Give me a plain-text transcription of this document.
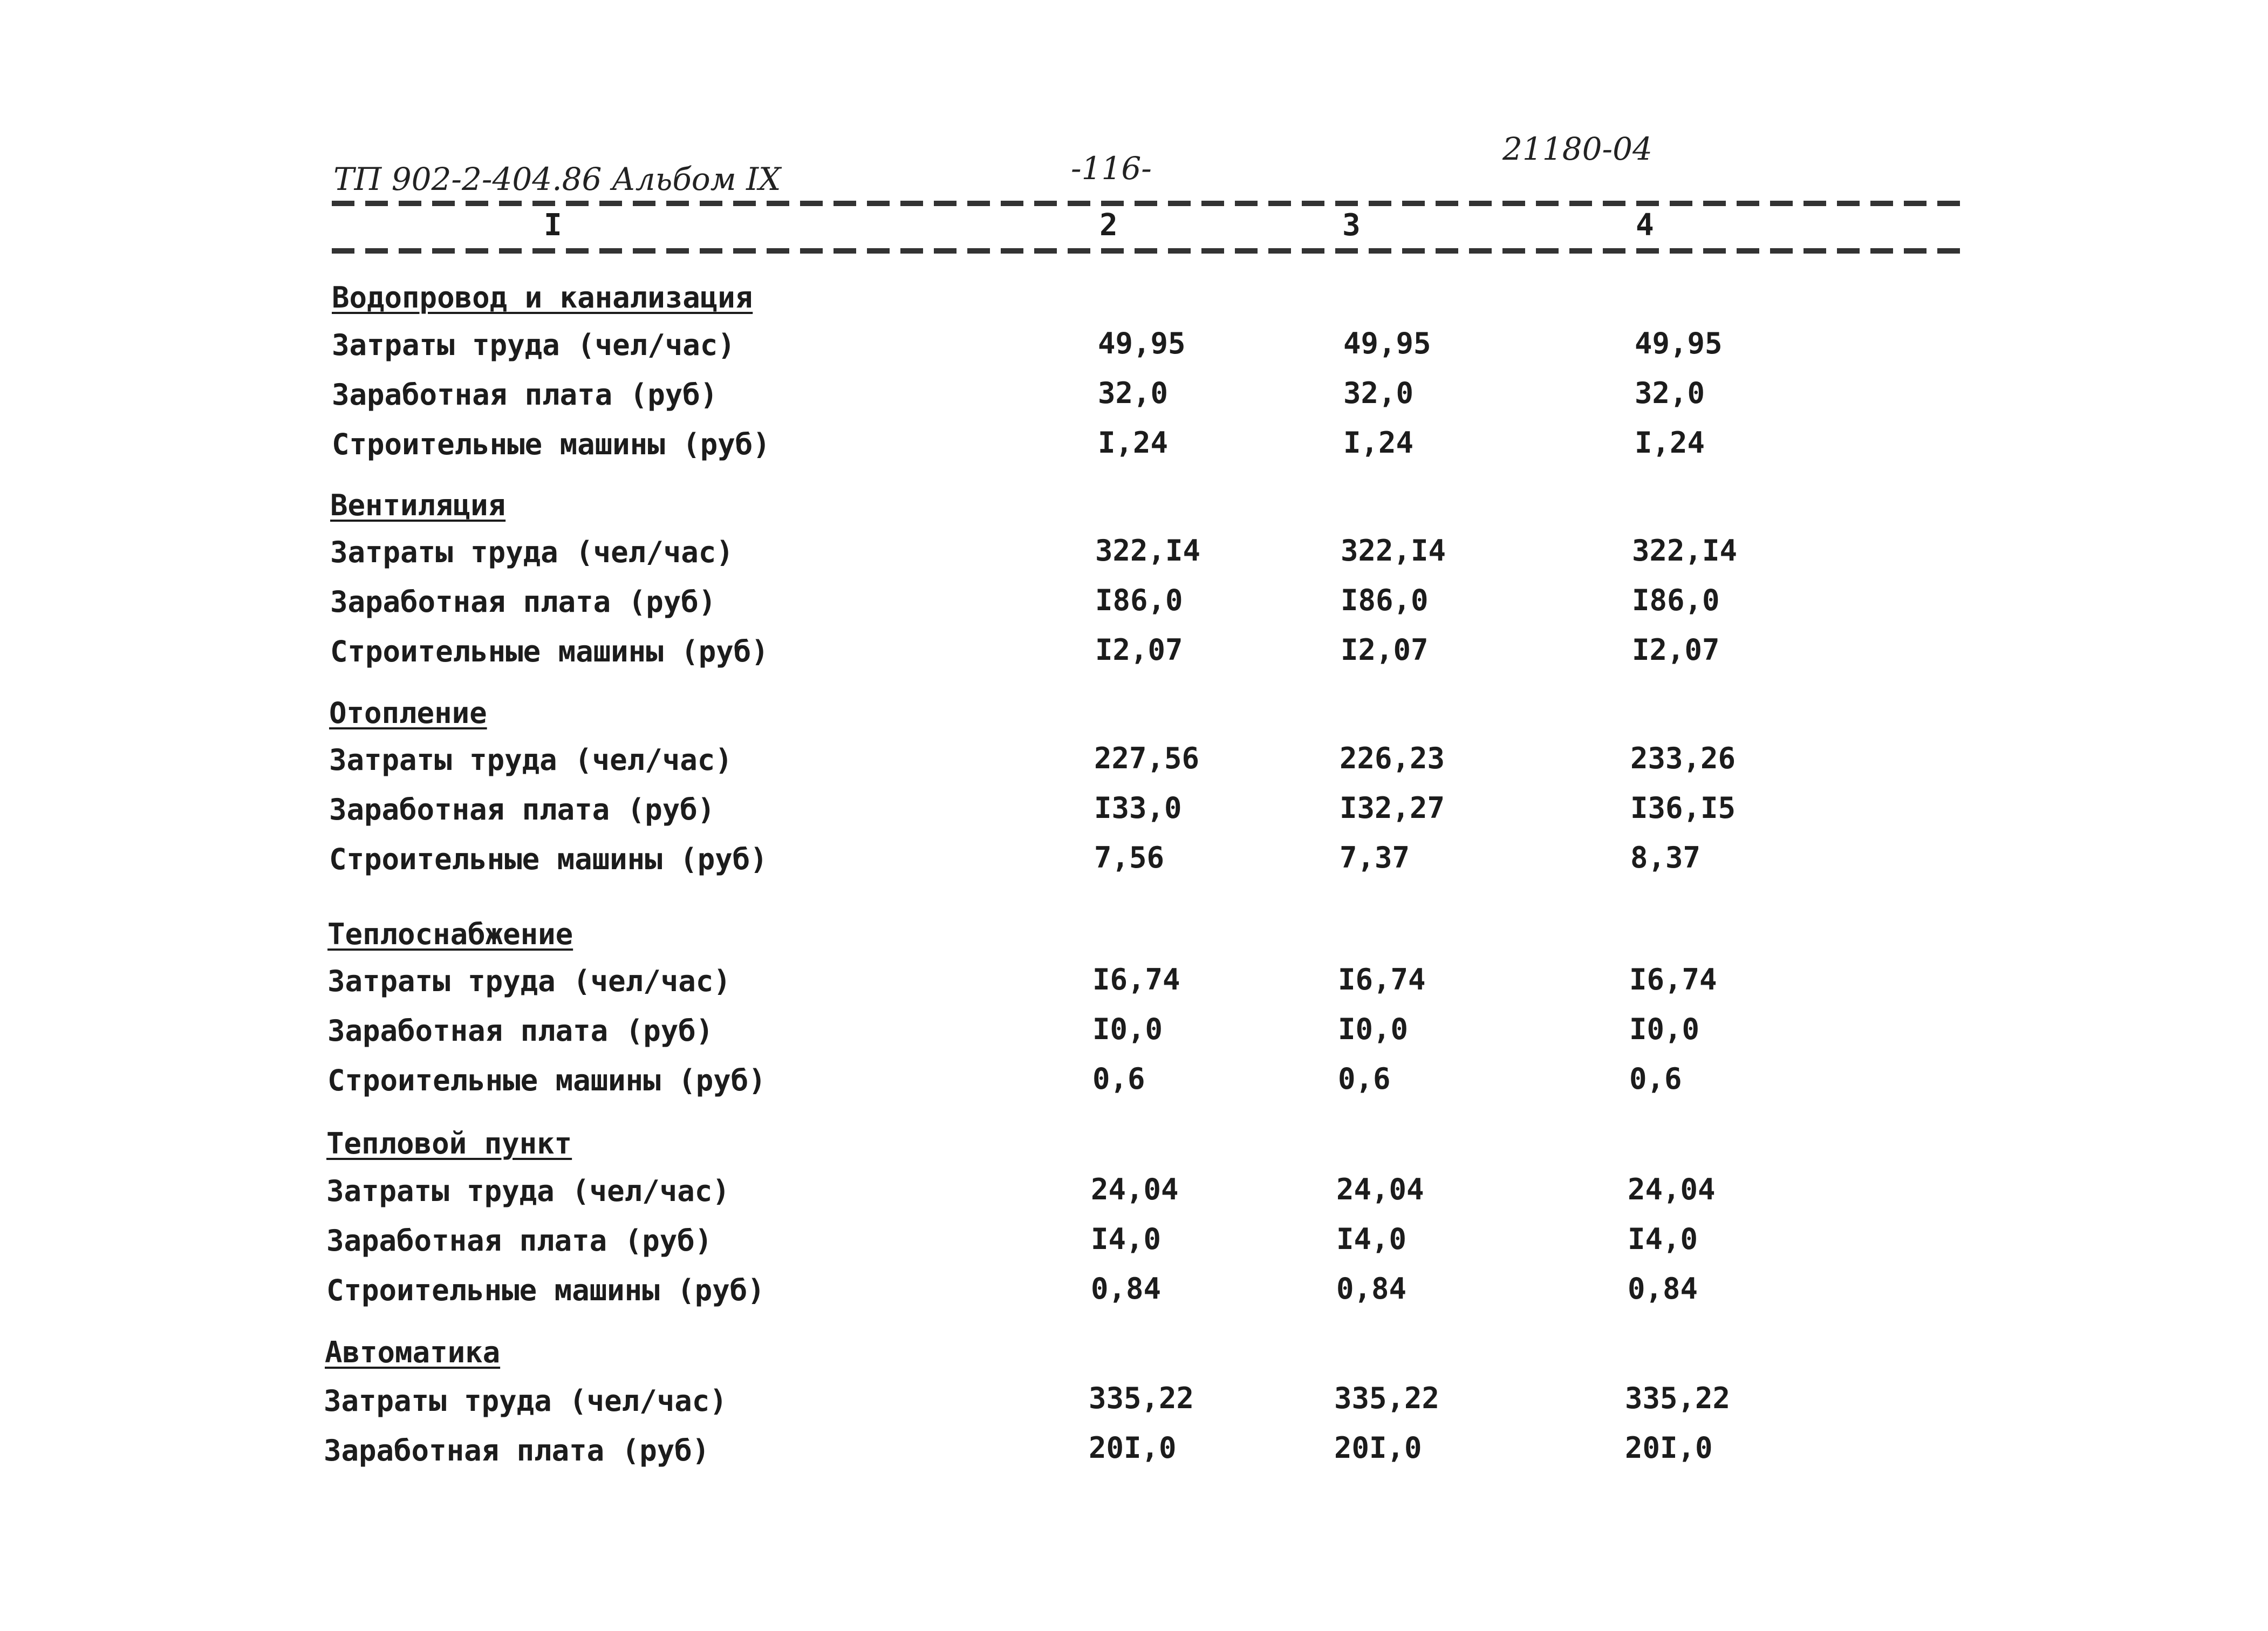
ТП 902-2-404.86 Альбом IX	-116-
21180-04
I	2	3	4
Водопровод и канализация
Затраты труда (чел/час)	49,95	49,95	49,95
Заработная плата (руб)	32,0	32,0	32,0
Строительные машины (руб)	I,24	I,24	I,24
Вентиляция
Затраты труда (чел/час)	322,I4	322,I4	322,I4
Заработная плата (руб)	I86,0	I86,0	I86,0
Строительные машины (руб)	I2,07	I2,07	I2,07
Отопление
Затраты труда (чел/час)	227,56	226,23	233,26
Заработная плата (руб)	I33,0	I32,27	I36,I5
Строительные машины (руб)	7,56	7,37	8,37
Теплоснабжение
Затраты труда (чел/час)	I6,74	I6,74	I6,74
Заработная плата (руб)	I0,0	I0,0	I0,0
Строительные машины (руб)	0,6	0,6	0,6
Тепловой пункт
Затраты труда (чел/час)	24,04	24,04	24,04
Заработная плата (руб)	I4,0	I4,0	I4,0
Строительные машины (руб)	0,84	0,84	0,84
Автоматика
Затраты труда (чел/час)	335,22	335,22	335,22
Заработная плата (руб)	20I,0	20I,0	20I,0
